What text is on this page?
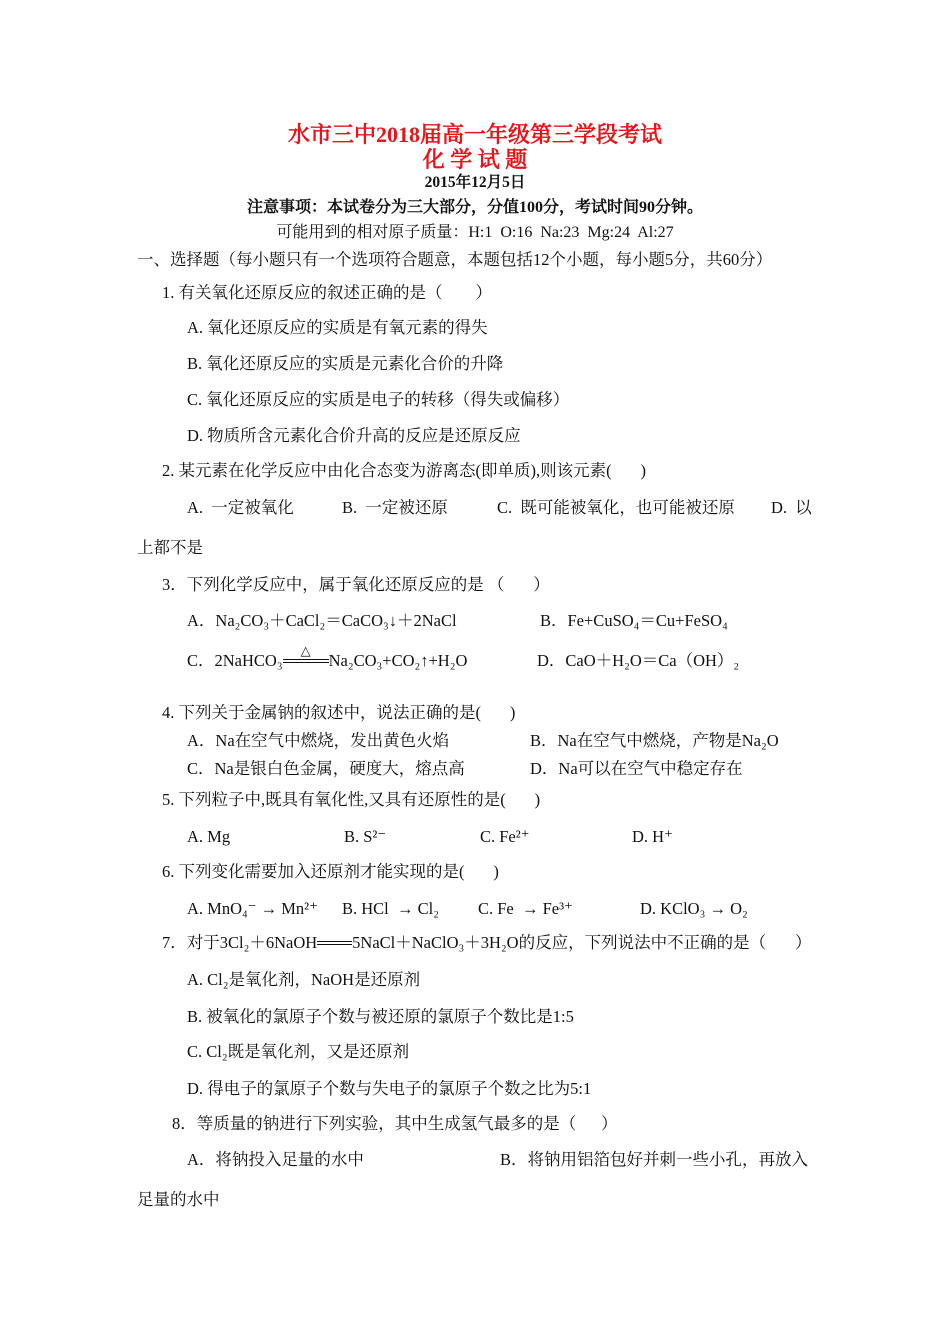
水市三中2018届高一年级第三学段考试
化 学 试 题
2015年12月5日
注意事项：本试卷分为三大部分，分值100分，考试时间90分钟。
可能用到的相对原子质量：H:1  O:16  Na:23  Mg:24  Al:27
一、选择题（每小题只有一个选项符合题意，本题包括12个小题，每小题5分，共60分）
1. 有关氧化还原反应的叙述正确的是（        ）
A. 氧化还原反应的实质是有氧元素的得失
B. 氧化还原反应的实质是元素化合价的升降
C. 氧化还原反应的实质是电子的转移（得失或偏移）
D. 物质所含元素化合价升高的反应是还原反应
2. 某元素在化学反应中由化合态变为游离态(即单质),则该元素(       )
A.  一定被氧化	B.  一定被还原	C.  既可能被氧化，也可能被还原 D.  以
上都不是
3．下列化学反应中，属于氧化还原反应的是 （       ）
A．Na₂CO₃＋CaCl₂＝CaCO₃↓＋2NaCl	B．Fe+CuSO₄＝Cu+FeSO₄
C．2NaHCO₃	△	Na₂CO₃+CO₂↑+H₂O	D．CaO＋H₂O＝Ca（OH）₂
4. 下列关于金属钠的叙述中，说法正确的是(       )
A．Na在空气中燃烧，发出黄色火焰	B．Na在空气中燃烧，产物是Na₂O
C．Na是银白色金属，硬度大，熔点高	D．Na可以在空气中稳定存在
5. 下列粒子中,既具有氧化性,又具有还原性的是(       )
A. Mg	B. S²⁻	C. Fe²⁺	D. H⁺
6. 下列变化需要加入还原剂才能实现的是(       )
A. MnO₄⁻ → Mn²⁺ B. HCl  → Cl₂ C. Fe  → Fe³⁺	D. KClO₃ → O₂
7．对于3Cl₂＋6NaOH 5NaCl＋NaClO₃＋3H₂O的反应，下列说法中不正确的是（       ）
A. Cl₂是氧化剂，NaOH是还原剂
B. 被氧化的氯原子个数与被还原的氯原子个数比是1:5
C. Cl₂既是氧化剂，又是还原剂
D. 得电子的氯原子个数与失电子的氯原子个数之比为5:1
8．等质量的钠进行下列实验，其中生成氢气最多的是（      ）
A．将钠投入足量的水中	B．将钠用铝箔包好并刺一些小孔，再放入
足量的水中
